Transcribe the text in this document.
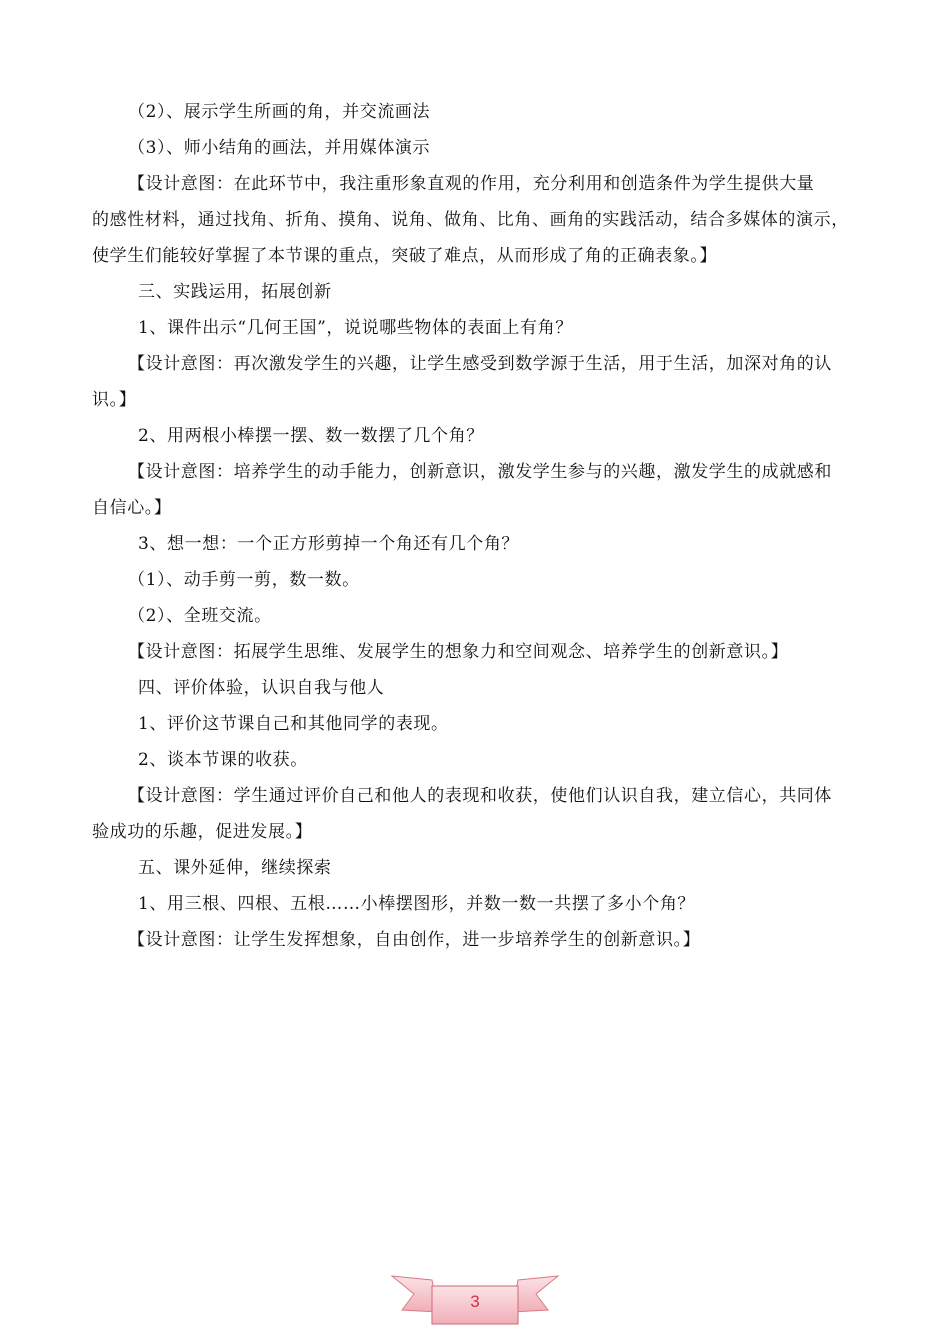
（2）、展示学生所画的角，并交流画法
（3）、师小结角的画法，并用媒体演示
【设计意图：在此环节中，我注重形象直观的作用，充分利用和创造条件为学生提供大量
的感性材料，通过找角、折角、摸角、说角、做角、比角、画角的实践活动，结合多媒体的演示，
使学生们能较好掌握了本节课的重点，突破了难点，从而形成了角的正确表象。】
三、实践运用，拓展创新
1、课件出示“几何王国”，说说哪些物体的表面上有角？
【设计意图：再次激发学生的兴趣，让学生感受到数学源于生活，用于生活，加深对角的认
识。】
2、用两根小棒摆一摆、数一数摆了几个角？
【设计意图：培养学生的动手能力，创新意识，激发学生参与的兴趣，激发学生的成就感和
自信心。】
3、想一想：一个正方形剪掉一个角还有几个角？
（1）、动手剪一剪，数一数。
（2）、全班交流。
【设计意图：拓展学生思维、发展学生的想象力和空间观念、培养学生的创新意识。】
四、评价体验，认识自我与他人
1、评价这节课自己和其他同学的表现。
2、谈本节课的收获。
【设计意图：学生通过评价自己和他人的表现和收获，使他们认识自我，建立信心，共同体
验成功的乐趣，促进发展。】
五、课外延伸，继续探索
1、用三根、四根、五根……小棒摆图形，并数一数一共摆了多小个角？
【设计意图：让学生发挥想象，自由创作，进一步培养学生的创新意识。】
3
